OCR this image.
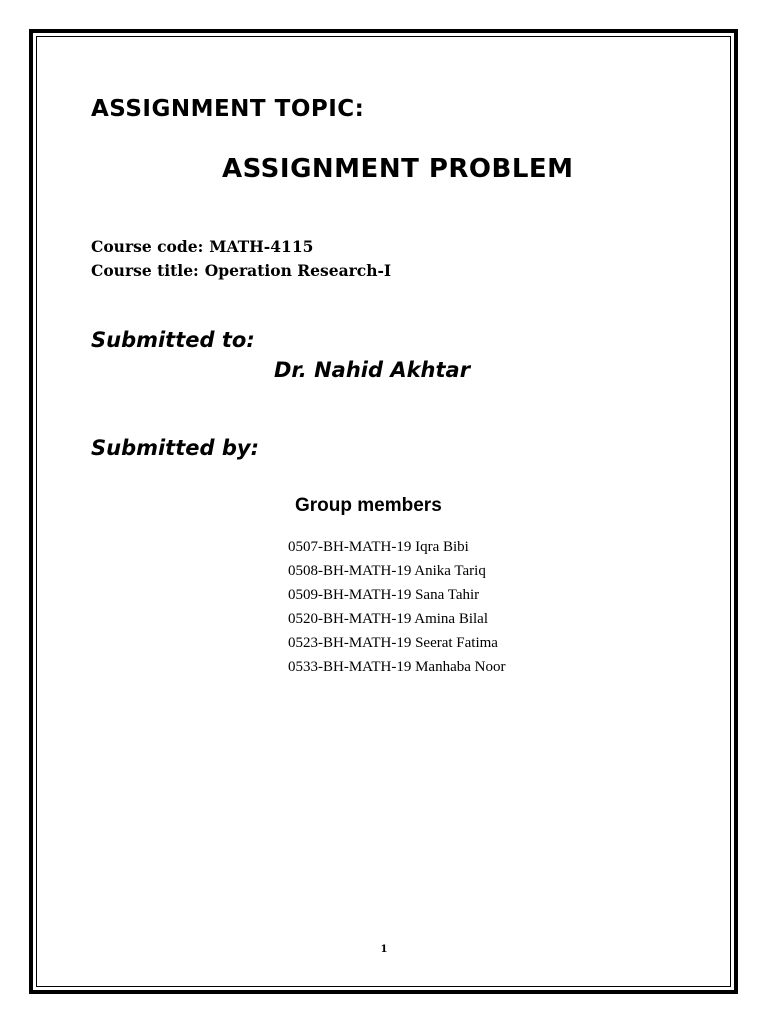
ASSIGNMENT TOPIC:
ASSIGNMENT PROBLEM
Course code: MATH-4115
Course title: Operation Research-I
Submitted to:
Dr. Nahid Akhtar
Submitted by:
Group members
0507-BH-MATH-19 Iqra Bibi
0508-BH-MATH-19 Anika Tariq
0509-BH-MATH-19 Sana Tahir
0520-BH-MATH-19 Amina Bilal
0523-BH-MATH-19 Seerat Fatima
0533-BH-MATH-19 Manhaba Noor
1
